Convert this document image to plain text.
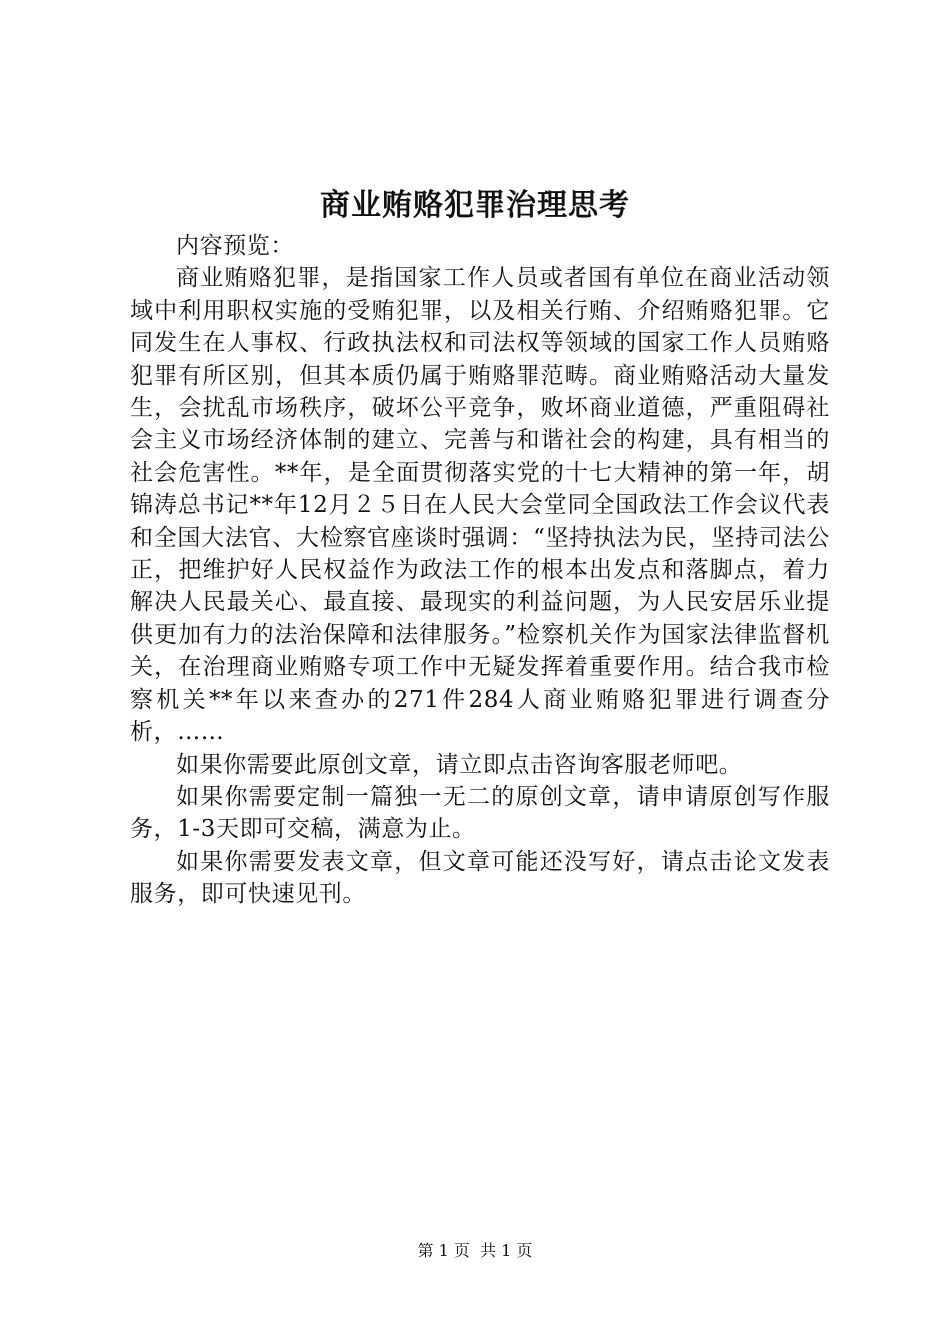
商业贿赂犯罪治理思考

内容预览：

商业贿赂犯罪，是指国家工作人员或者国有单位在商业活动领域中利用职权实施的受贿犯罪，以及相关行贿、介绍贿赂犯罪。它同发生在人事权、行政执法权和司法权等领域的国家工作人员贿赂犯罪有所区别，但其本质仍属于贿赂罪范畴。商业贿赂活动大量发生，会扰乱市场秩序，破坏公平竞争，败坏商业道德，严重阻碍社会主义市场经济体制的建立、完善与和谐社会的构建，具有相当的社会危害性。**年，是全面贯彻落实党的十七大精神的第一年，胡锦涛总书记**年12月２５日在人民大会堂同全国政法工作会议代表和全国大法官、大检察官座谈时强调：“坚持执法为民，坚持司法公正，把维护好人民权益作为政法工作的根本出发点和落脚点，着力解决人民最关心、最直接、最现实的利益问题，为人民安居乐业提供更加有力的法治保障和法律服务。”检察机关作为国家法律监督机关，在治理商业贿赂专项工作中无疑发挥着重要作用。结合我市检察机关**年以来查办的271件284人商业贿赂犯罪进行调查分析，……

如果你需要此原创文章，请立即点击咨询客服老师吧。

如果你需要定制一篇独一无二的原创文章，请申请原创写作服务，1-3天即可交稿，满意为止。

如果你需要发表文章，但文章可能还没写好，请点击论文发表服务，即可快速见刊。

第 1 页 共 1 页
